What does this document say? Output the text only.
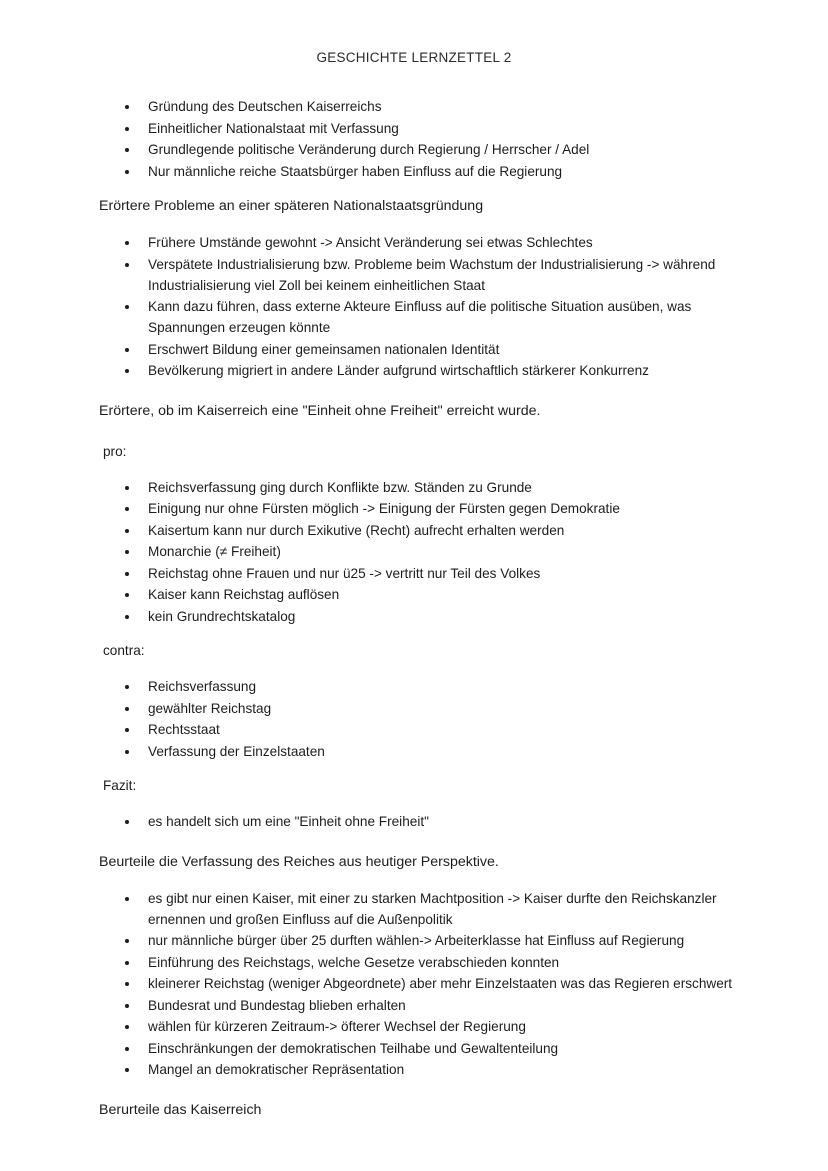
GESCHICHTE LERNZETTEL 2
Gründung des Deutschen Kaiserreichs
Einheitlicher Nationalstaat mit Verfassung
Grundlegende politische Veränderung durch Regierung / Herrscher / Adel
Nur männliche reiche Staatsbürger haben Einfluss auf die Regierung

Erörtere Probleme an einer späteren Nationalstaatsgründung

Frühere Umstände gewohnt -> Ansicht Veränderung sei etwas Schlechtes
Verspätete Industrialisierung bzw. Probleme beim Wachstum der Industrialisierung -> während Industrialisierung viel Zoll bei keinem einheitlichen Staat
Kann dazu führen, dass externe Akteure Einfluss auf die politische Situation ausüben, was Spannungen erzeugen könnte
Erschwert Bildung einer gemeinsamen nationalen Identität
Bevölkerung migriert in andere Länder aufgrund wirtschaftlich stärkerer Konkurrenz

Erörtere, ob im Kaiserreich eine "Einheit ohne Freiheit" erreicht wurde.

pro:

Reichsverfassung ging durch Konflikte bzw. Ständen zu Grunde
Einigung nur ohne Fürsten möglich -> Einigung der Fürsten gegen Demokratie
Kaisertum kann nur durch Exikutive (Recht) aufrecht erhalten werden
Monarchie (≠ Freiheit)
Reichstag ohne Frauen und nur ü25 -> vertritt nur Teil des Volkes
Kaiser kann Reichstag auflösen
kein Grundrechtskatalog

contra:

Reichsverfassung
gewählter Reichstag
Rechtsstaat
Verfassung der Einzelstaaten

Fazit:

es handelt sich um eine "Einheit ohne Freiheit"

Beurteile die Verfassung des Reiches aus heutiger Perspektive.

es gibt nur einen Kaiser, mit einer zu starken Machtposition -> Kaiser durfte den Reichskanzler ernennen und großen Einfluss auf die Außenpolitik
nur männliche bürger über 25 durften wählen-> Arbeiterklasse hat Einfluss auf Regierung
Einführung des Reichstags, welche Gesetze verabschieden konnten
kleinerer Reichstag (weniger Abgeordnete) aber mehr Einzelstaaten was das Regieren erschwert
Bundesrat und Bundestag blieben erhalten
wählen für kürzeren Zeitraum-> öfterer Wechsel der Regierung
Einschränkungen der demokratischen Teilhabe und Gewaltenteilung
Mangel an demokratischer Repräsentation

Berurteile das Kaiserreich
